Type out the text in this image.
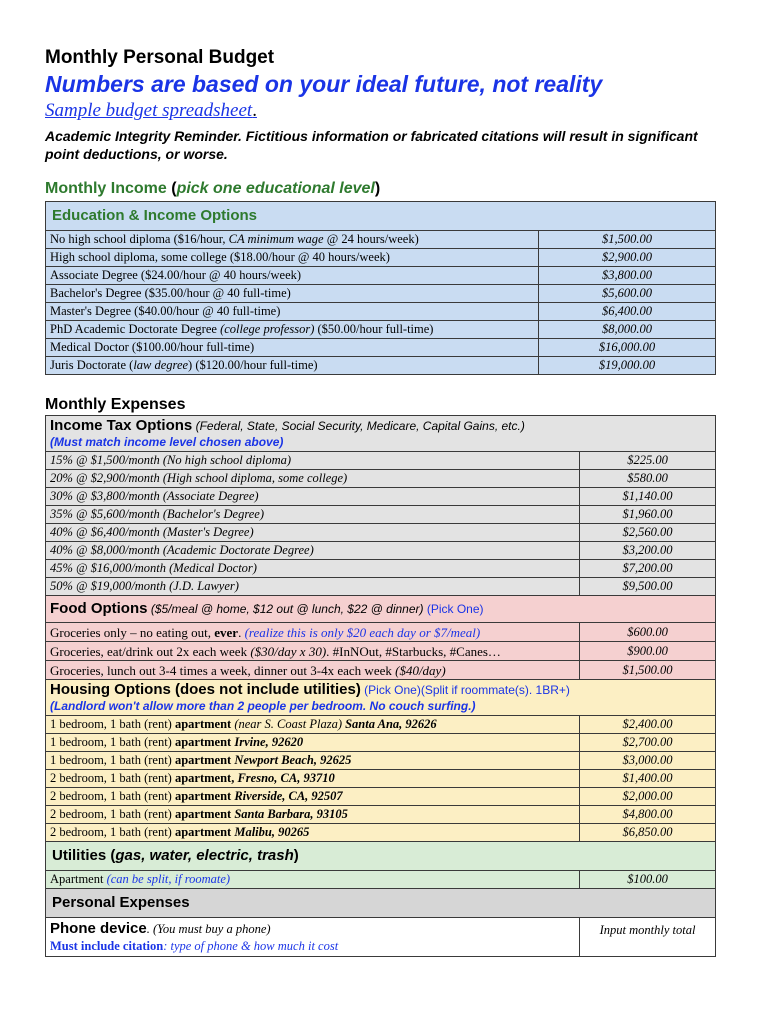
Monthly Personal Budget

Numbers are based on your ideal future, not reality

Sample budget spreadsheet.

Academic Integrity Reminder. Fictitious information or fabricated citations will result in significant point deductions, or worse.

Monthly Income (pick one educational level)
Education & Income Options	
No high school diploma ($16/hour, CA minimum wage @ 24 hours/week)	$1,500.00
High school diploma, some college ($18.00/hour @ 40 hours/week)	$2,900.00
Associate Degree ($24.00/hour @ 40 hours/week)	$3,800.00
Bachelor's Degree ($35.00/hour @ 40 full-time)	$5,600.00
Master's Degree ($40.00/hour @ 40 full-time)	$6,400.00
PhD Academic Doctorate Degree (college professor) ($50.00/hour full-time)	$8,000.00
Medical Doctor ($100.00/hour full-time)	$16,000.00
Juris Doctorate (law degree) ($120.00/hour full-time)	$19,000.00
Monthly Expenses
Income Tax Options (Federal, State, Social Security, Medicare, Capital Gains, etc.)
(Must match income level chosen above)	
15% @ $1,500/month (No high school diploma)	$225.00
20% @ $2,900/month (High school diploma, some college)	$580.00
30% @ $3,800/month (Associate Degree)	$1,140.00
35% @ $5,600/month (Bachelor's Degree)	$1,960.00
40% @ $6,400/month (Master's Degree)	$2,560.00
40% @ $8,000/month (Academic Doctorate Degree)	$3,200.00
45% @ $16,000/month (Medical Doctor)	$7,200.00
50% @ $19,000/month (J.D. Lawyer)	$9,500.00
Food Options ($5/meal @ home, $12 out @ lunch, $22 @ dinner) (Pick One)	
Groceries only – no eating out, ever. (realize this is only $20 each day or $7/meal)	$600.00
Groceries, eat/drink out 2x each week ($30/day x 30). #InNOut, #Starbucks, #Canes…	$900.00
Groceries, lunch out 3-4 times a week, dinner out 3-4x each week ($40/day)	$1,500.00
Housing Options (does not include utilities) (Pick One)(Split if roommate(s). 1BR+)
(Landlord won't allow more than 2 people per bedroom. No couch surfing.)	
1 bedroom, 1 bath (rent) apartment (near S. Coast Plaza) Santa Ana, 92626	$2,400.00
1 bedroom, 1 bath (rent) apartment Irvine, 92620	$2,700.00
1 bedroom, 1 bath (rent) apartment Newport Beach, 92625	$3,000.00
2 bedroom, 1 bath (rent) apartment, Fresno, CA, 93710	$1,400.00
2 bedroom, 1 bath (rent) apartment Riverside, CA, 92507	$2,000.00
2 bedroom, 1 bath (rent) apartment Santa Barbara, 93105	$4,800.00
2 bedroom, 1 bath (rent) apartment Malibu, 90265	$6,850.00
Utilities (gas, water, electric, trash)	
Apartment (can be split, if roomate)	$100.00
Personal Expenses	
Phone device. (You must buy a phone)
Must include citation: type of phone & how much it cost	Input monthly total
